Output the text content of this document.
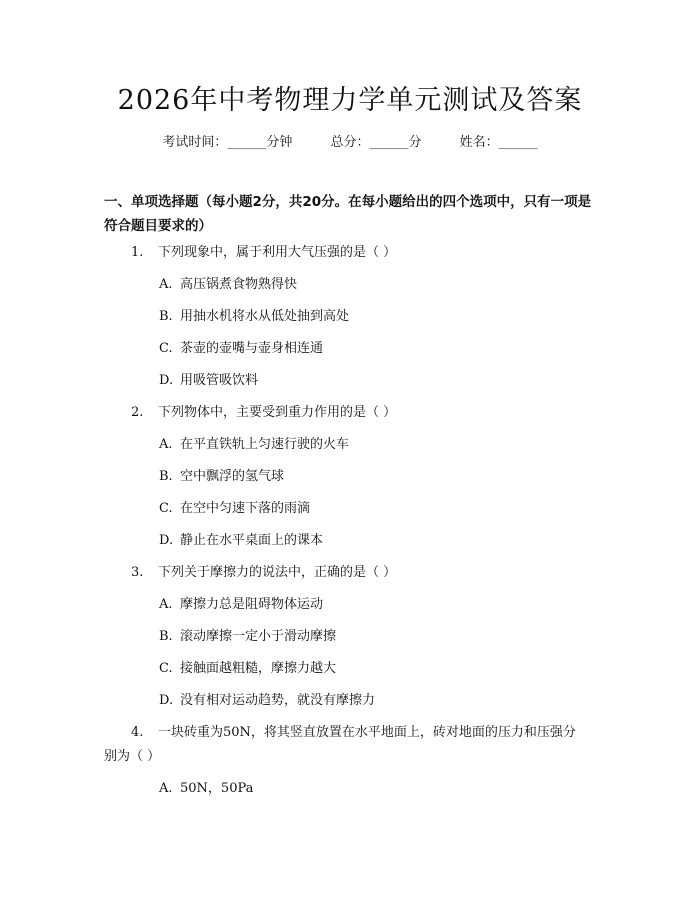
2026年中考物理力学单元测试及答案
考试时间：______分钟	总分：______分	姓名：______
一、单项选择题（每小题2分，共20分。在每小题给出的四个选项中，只有一项是符合题目要求的）
1. 下列现象中，属于利用大气压强的是（ ）
A. 高压锅煮食物熟得快
B. 用抽水机将水从低处抽到高处
C. 茶壶的壶嘴与壶身相连通
D. 用吸管吸饮料
2. 下列物体中，主要受到重力作用的是（ ）
A. 在平直铁轨上匀速行驶的火车
B. 空中飘浮的氢气球
C. 在空中匀速下落的雨滴
D. 静止在水平桌面上的课本
3. 下列关于摩擦力的说法中，正确的是（ ）
A. 摩擦力总是阻碍物体运动
B. 滚动摩擦一定小于滑动摩擦
C. 接触面越粗糙，摩擦力越大
D. 没有相对运动趋势，就没有摩擦力
4. 一块砖重为50N，将其竖直放置在水平地面上，砖对地面的压力和压强分
别为（ ）
A. 50N，50Pa
